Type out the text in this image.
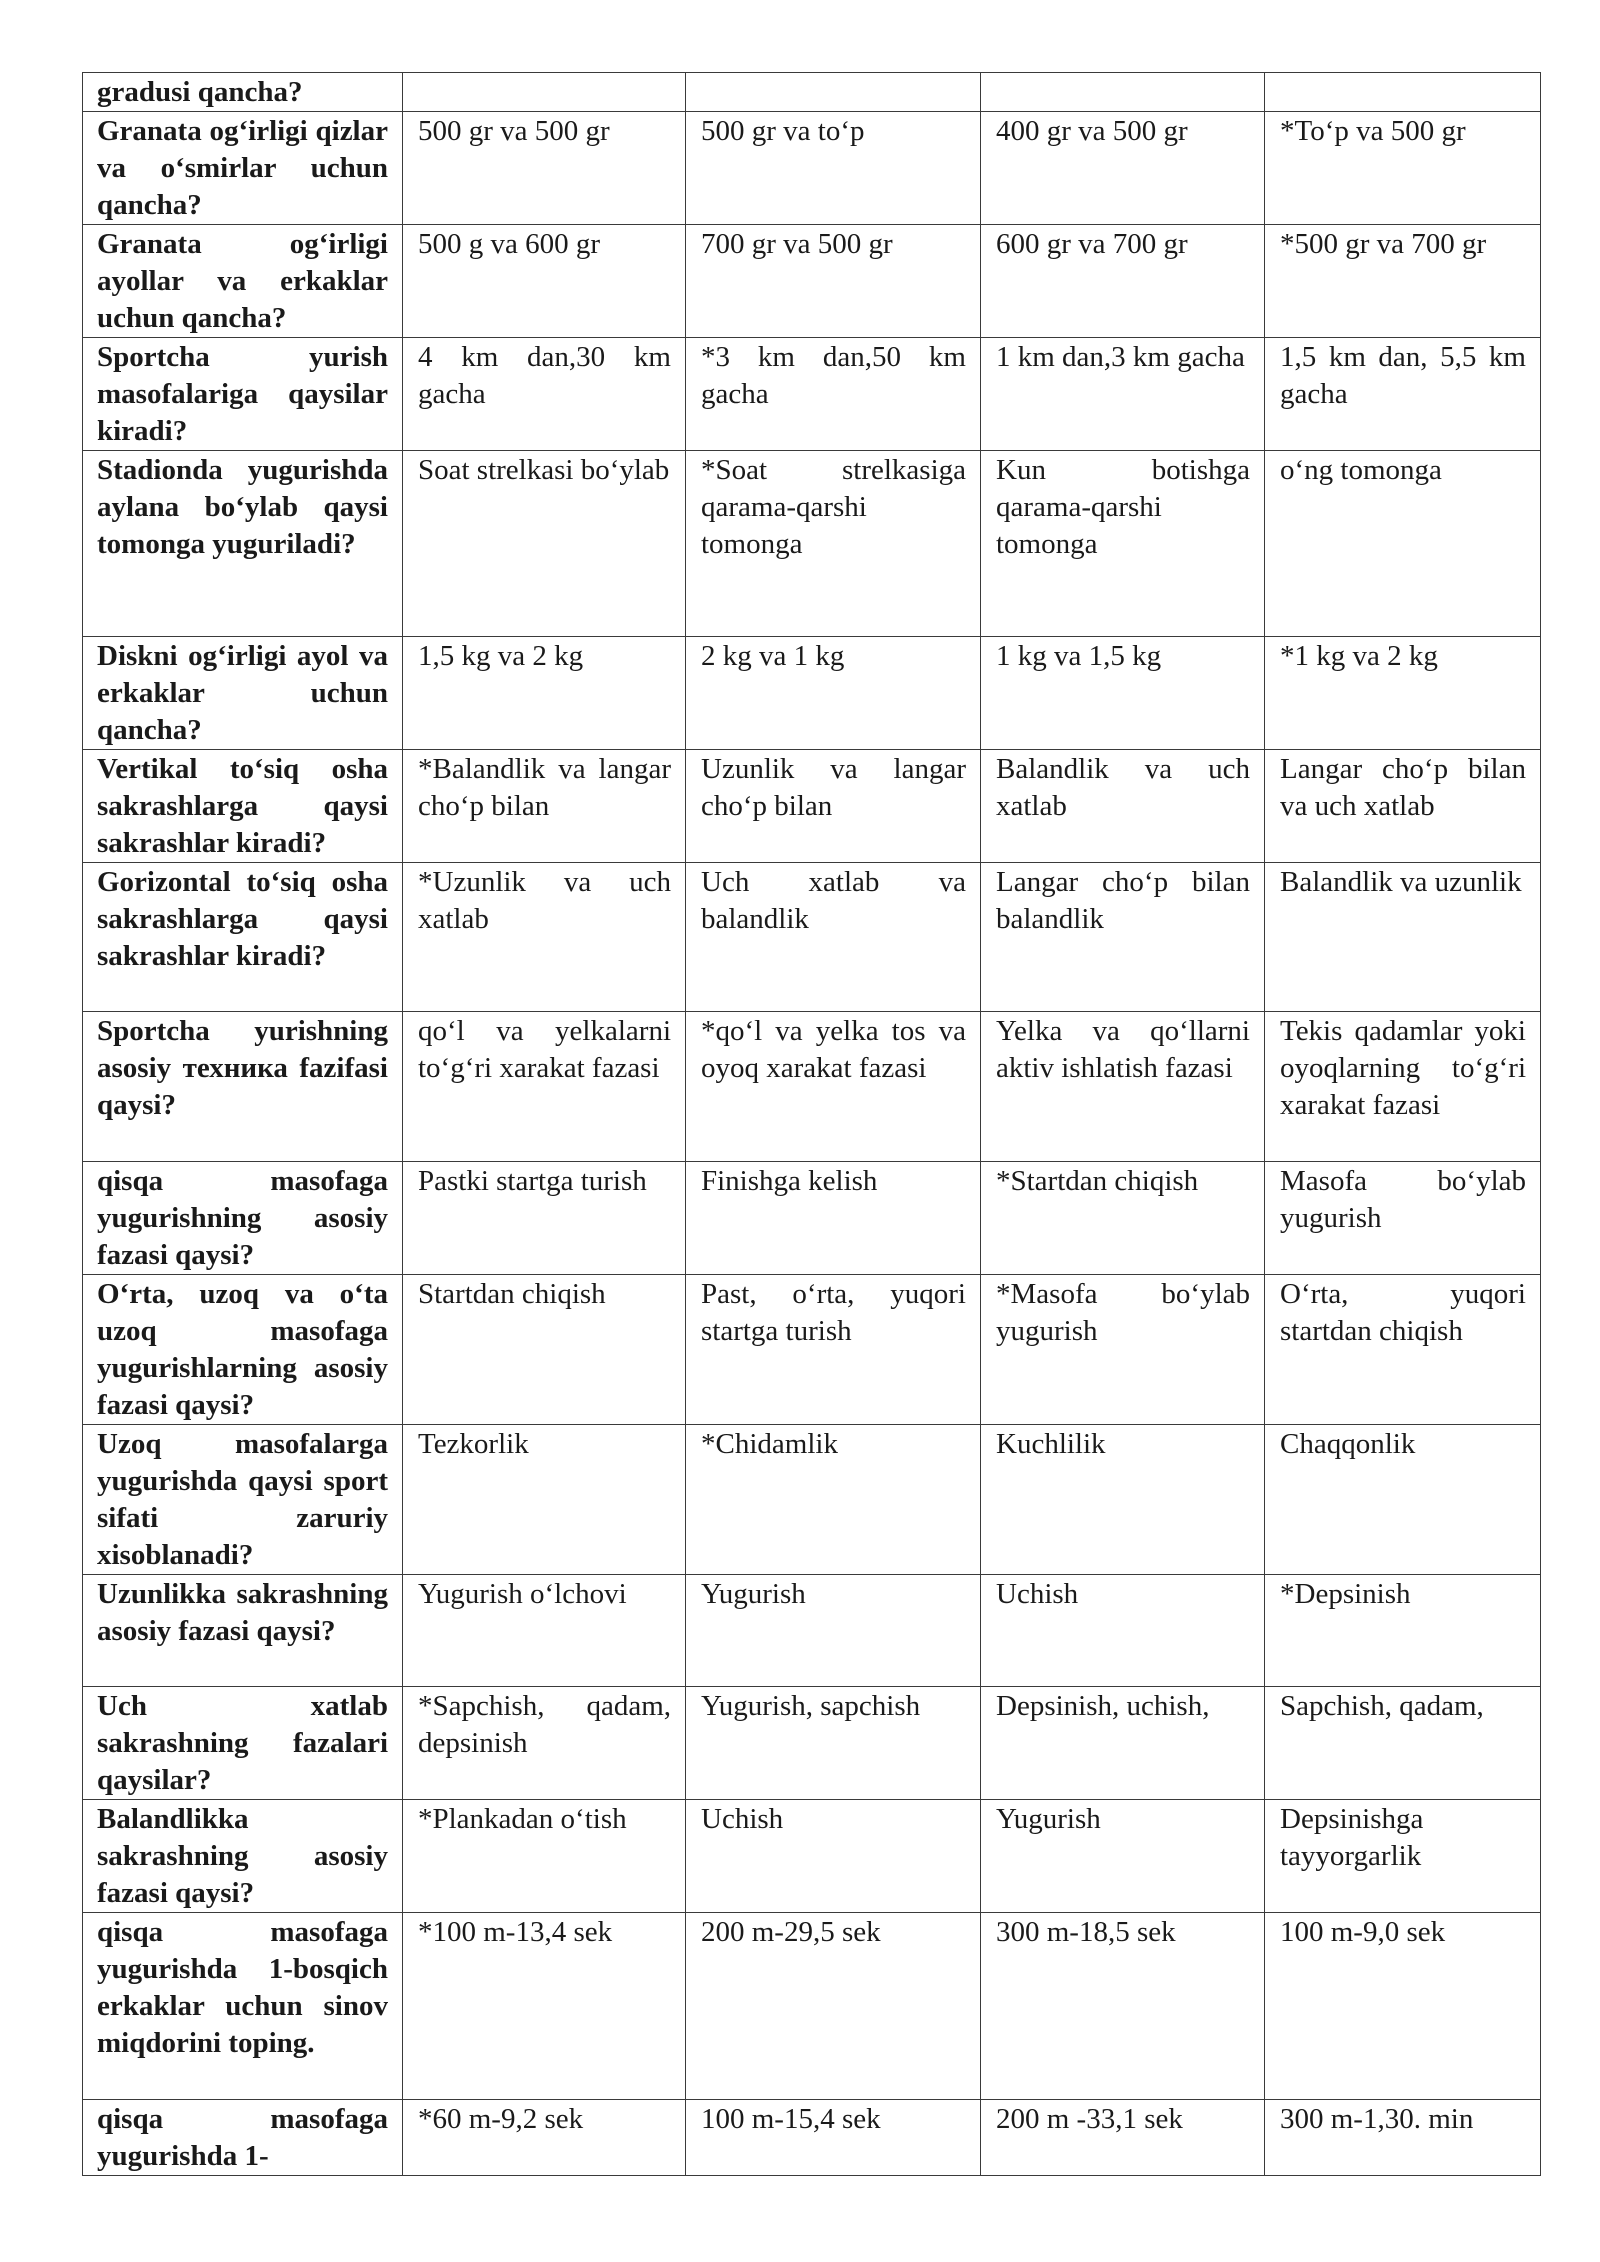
gradusi qancha?				
Granata og‘irligi qizlar va o‘smirlar uchun qancha?	500 gr va 500 gr	500 gr va to‘p	400 gr va 500 gr	*To‘p va 500 gr
Granata og‘irligi ayollar va erkaklar uchun qancha?	500 g va 600 gr	700 gr va 500 gr	600 gr va 700 gr	*500 gr va 700 gr
Sportcha yurish masofalariga qaysilar kiradi?	4 km dan,30 km gacha	*3 km dan,50 km gacha	1 km dan,3 km gacha	1,5 km dan, 5,5 km gacha
Stadionda yugurishda aylana bo‘ylab qaysi tomonga yuguriladi?	Soat strelkasi bo‘ylab	*Soat strelkasiga qarama-qarshi tomonga	Kun botishga qarama-qarshi tomonga	o‘ng tomonga
Diskni og‘irligi ayol va erkaklar uchun qancha?	1,5 kg va 2 kg	2 kg va 1 kg	1 kg va 1,5 kg	*1 kg va 2 kg
Vertikal to‘siq osha sakrashlarga qaysi sakrashlar kiradi?	*Balandlik va langar cho‘p bilan	Uzunlik va langar cho‘p bilan	Balandlik va uch xatlab	Langar cho‘p bilan va uch xatlab
Gorizontal to‘siq osha sakrashlarga qaysi sakrashlar kiradi?	*Uzunlik va uch xatlab	Uch xatlab va balandlik	Langar cho‘p bilan balandlik	Balandlik va uzunlik
Sportcha yurishning asosiy техника fazifasi qaysi?	qo‘l va yelkalarni to‘g‘ri xarakat fazasi	*qo‘l va yelka tos va oyoq xarakat fazasi	Yelka va qo‘llarni aktiv ishlatish fazasi	Tekis qadamlar yoki oyoqlarning to‘g‘ri xarakat fazasi
qisqa masofaga yugurishning asosiy fazasi qaysi?	Pastki startga turish	Finishga kelish	*Startdan chiqish	Masofa bo‘ylab yugurish
O‘rta, uzoq va o‘ta uzoq masofaga yugurishlarning asosiy fazasi qaysi?	Startdan chiqish	Past, o‘rta, yuqori startga turish	*Masofa bo‘ylab yugurish	O‘rta, yuqori startdan chiqish
Uzoq masofalarga yugurishda qaysi sport sifati zaruriy xisoblanadi?	Tezkorlik	*Chidamlik	Kuchlilik	Chaqqonlik
Uzunlikka sakrashning asosiy fazasi qaysi?	Yugurish o‘lchovi	Yugurish	Uchish	*Depsinish
Uch xatlab sakrashning fazalari qaysilar?	*Sapchish, qadam, depsinish	Yugurish, sapchish	Depsinish, uchish,	Sapchish, qadam,
Balandlikka sakrashning asosiy fazasi qaysi?	*Plankadan o‘tish	Uchish	Yugurish	Depsinishga tayyorgarlik
qisqa masofaga yugurishda 1-bosqich erkaklar uchun sinov miqdorini toping.	*100 m-13,4 sek	200 m-29,5 sek	300 m-18,5 sek	100 m-9,0 sek
qisqa masofaga yugurishda 1-	*60 m-9,2 sek	100 m-15,4 sek	200 m -33,1 sek	300 m-1,30. min
